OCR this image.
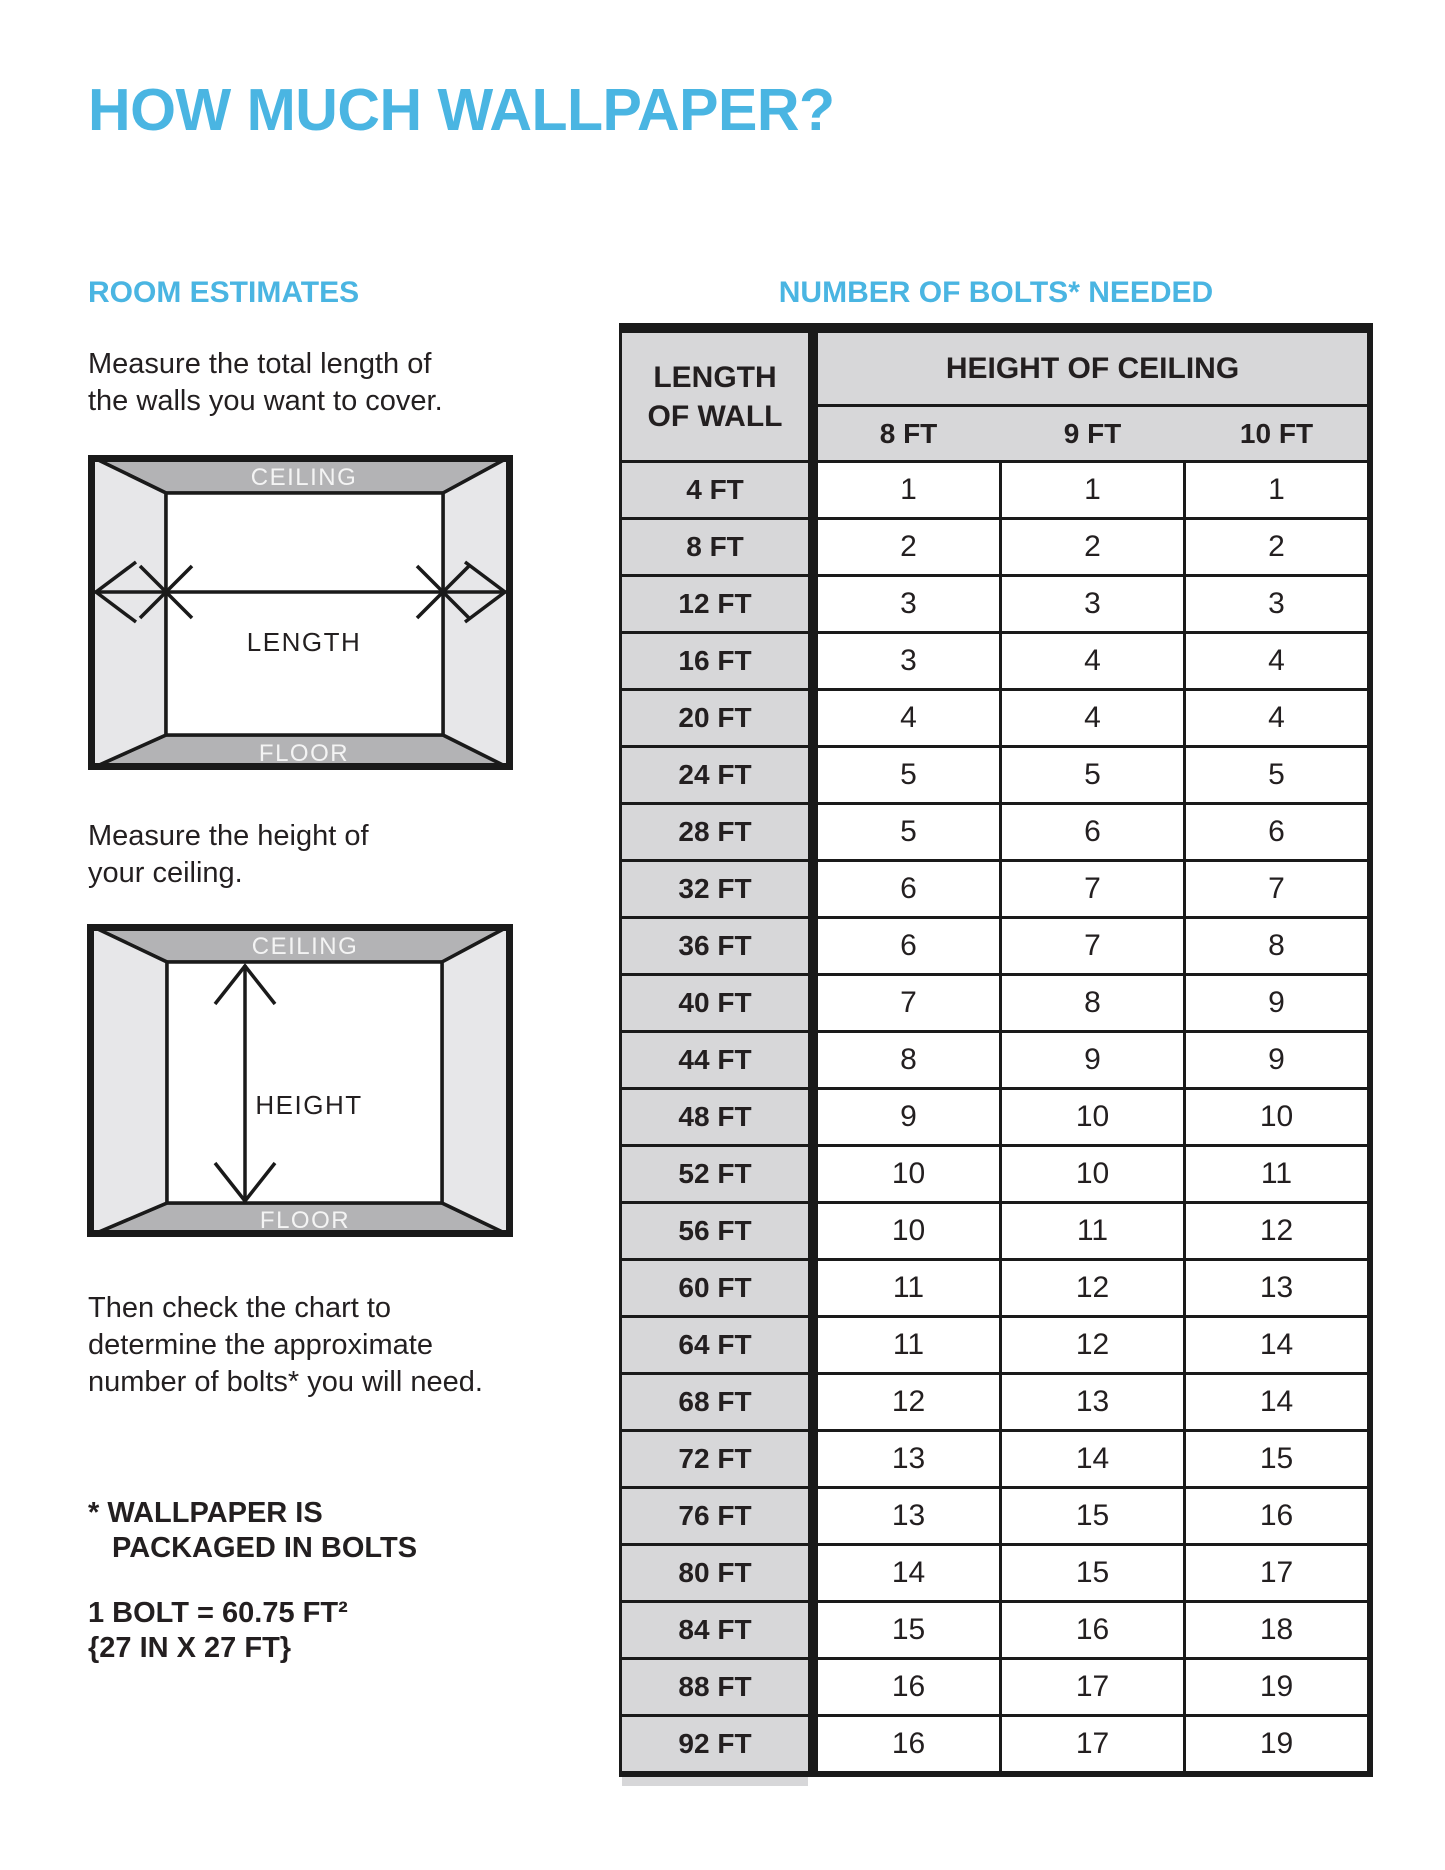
HOW MUCH WALLPAPER?
ROOM ESTIMATES
Measure the total length of
the walls you want to cover.
CEILING
LENGTH
FLOOR
Measure the height of
your ceiling.
CEILING
HEIGHT
FLOOR
Then check the chart to
determine the approximate
number of bolts* you will need.
* WALLPAPER IS
PACKAGED IN BOLTS
1 BOLT = 60.75 FT²
{27 IN X 27 FT}
NUMBER OF BOLTS* NEEDED
LENGTH
OF WALL
HEIGHT OF CEILING
8 FT	9 FT	10 FT
4 FT	1	1	1
8 FT	2	2	2
12 FT	3	3	3
16 FT	3	4	4
20 FT	4	4	4
24 FT	5	5	5
28 FT	5	6	6
32 FT	6	7	7
36 FT	6	7	8
40 FT	7	8	9
44 FT	8	9	9
48 FT	9	10	10
52 FT	10	10	11
56 FT	10	11	12
60 FT	11	12	13
64 FT	11	12	14
68 FT	12	13	14
72 FT	13	14	15
76 FT	13	15	16
80 FT	14	15	17
84 FT	15	16	18
88 FT	16	17	19
92 FT	16	17	19
